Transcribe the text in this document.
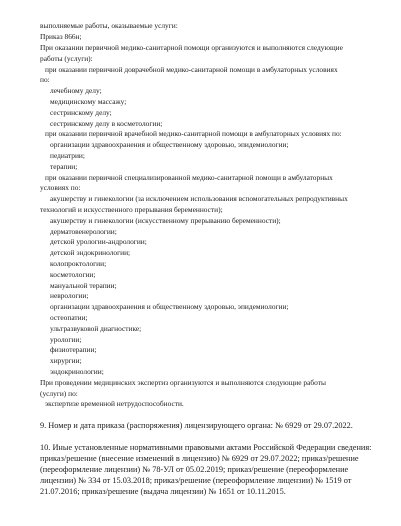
выполняемые работы, оказываемые услуги:
Приказ 866н;
При оказании первичной медико-санитарной помощи организуются и выполняются следующие
работы (услуги):
при оказании первичной доврачебной медико-санитарной помощи в амбулаторных условиях
по:
лечебному делу;
медицинскому массажу;
сестринскому делу;
сестринскому делу в косметологии;
при оказании первичной врачебной медико-санитарной помощи в амбулаторных условиях по:
организации здравоохранения и общественному здоровью, эпидемиологии;
педиатрии;
терапии;
при оказании первичной специализированной медико-санитарной помощи в амбулаторных
условиях по:
акушерству и гинекологии (за исключением использования вспомогательных репродуктивных
технологий и искусственного прерывания беременности);
акушерству и гинекологии (искусственному прерыванию беременности);
дерматовенерологии;
детской урологии-андрологии;
детской эндокринологии;
колопроктологии;
косметологии;
мануальной терапии;
неврологии;
организации здравоохранения и общественному здоровью, эпидемиологии;
остеопатии;
ультразвуковой диагностике;
урологии;
физиотерапии;
хирургии;
эндокринологии;
При проведении медицинских экспертиз организуются и выполняются следующие работы
(услуги) по:
экспертизе временной нетрудоспособности.
9. Номер и дата приказа (распоряжения) лицензирующего органа: № 6929 от 29.07.2022.
10. Иные установленные нормативными правовыми актами Российской Федерации сведения:
приказ/решение (внесение изменений в лицензию) № 6929 от 29.07.2022; приказ/решение
(переоформление лицензии) № 78-УЛ от 05.02.2019; приказ/решение (переоформление
лицензии) № 334 от 15.03.2018; приказ/решение (переоформление лицензии) № 1519 от
21.07.2016; приказ/решение (выдача лицензии) № 1651 от 10.11.2015.
